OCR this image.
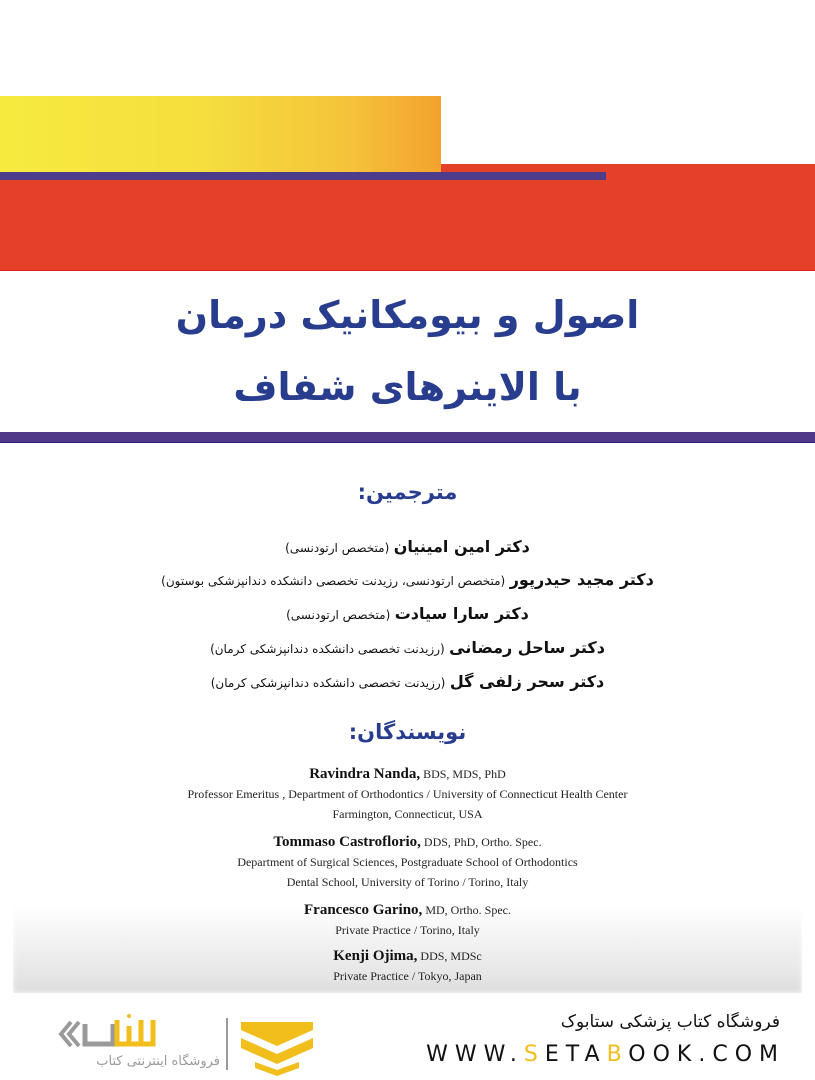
اصول و بیومکانیک درمان
با الاینرهای شفاف
مترجمین:
دکتر امین امینیان (متخصص ارتودنسی)
دکتر مجید حیدرپور (متخصص ارتودنسی، رزیدنت تخصصی دانشکده دندانپزشکی بوستون)
دکتر سارا سیادت (متخصص ارتودنسی)
دکتر ساحل رمضانی (رزیدنت تخصصی دانشکده دندانپزشکی کرمان)
دکتر سحر زلفی گل (رزیدنت تخصصی دانشکده دندانپزشکی کرمان)
نویسندگان:
Ravindra Nanda, BDS, MDS, PhD
Professor Emeritus , Department of Orthodontics / University of Connecticut Health Center
Farmington, Connecticut, USA
Tommaso Castroflorio, DDS, PhD, Ortho. Spec.
Department of Surgical Sciences, Postgraduate School of Orthodontics
Dental School, University of Torino / Torino, Italy
Francesco Garino, MD, Ortho. Spec.
Private Practice / Torino, Italy
Kenji Ojima, DDS, MDSc
Private Practice / Tokyo, Japan
فروشگاه اینترنتی کتاب
فروشگاه کتاب پزشکی ستابوک
WWW.SETABOOK.COM
